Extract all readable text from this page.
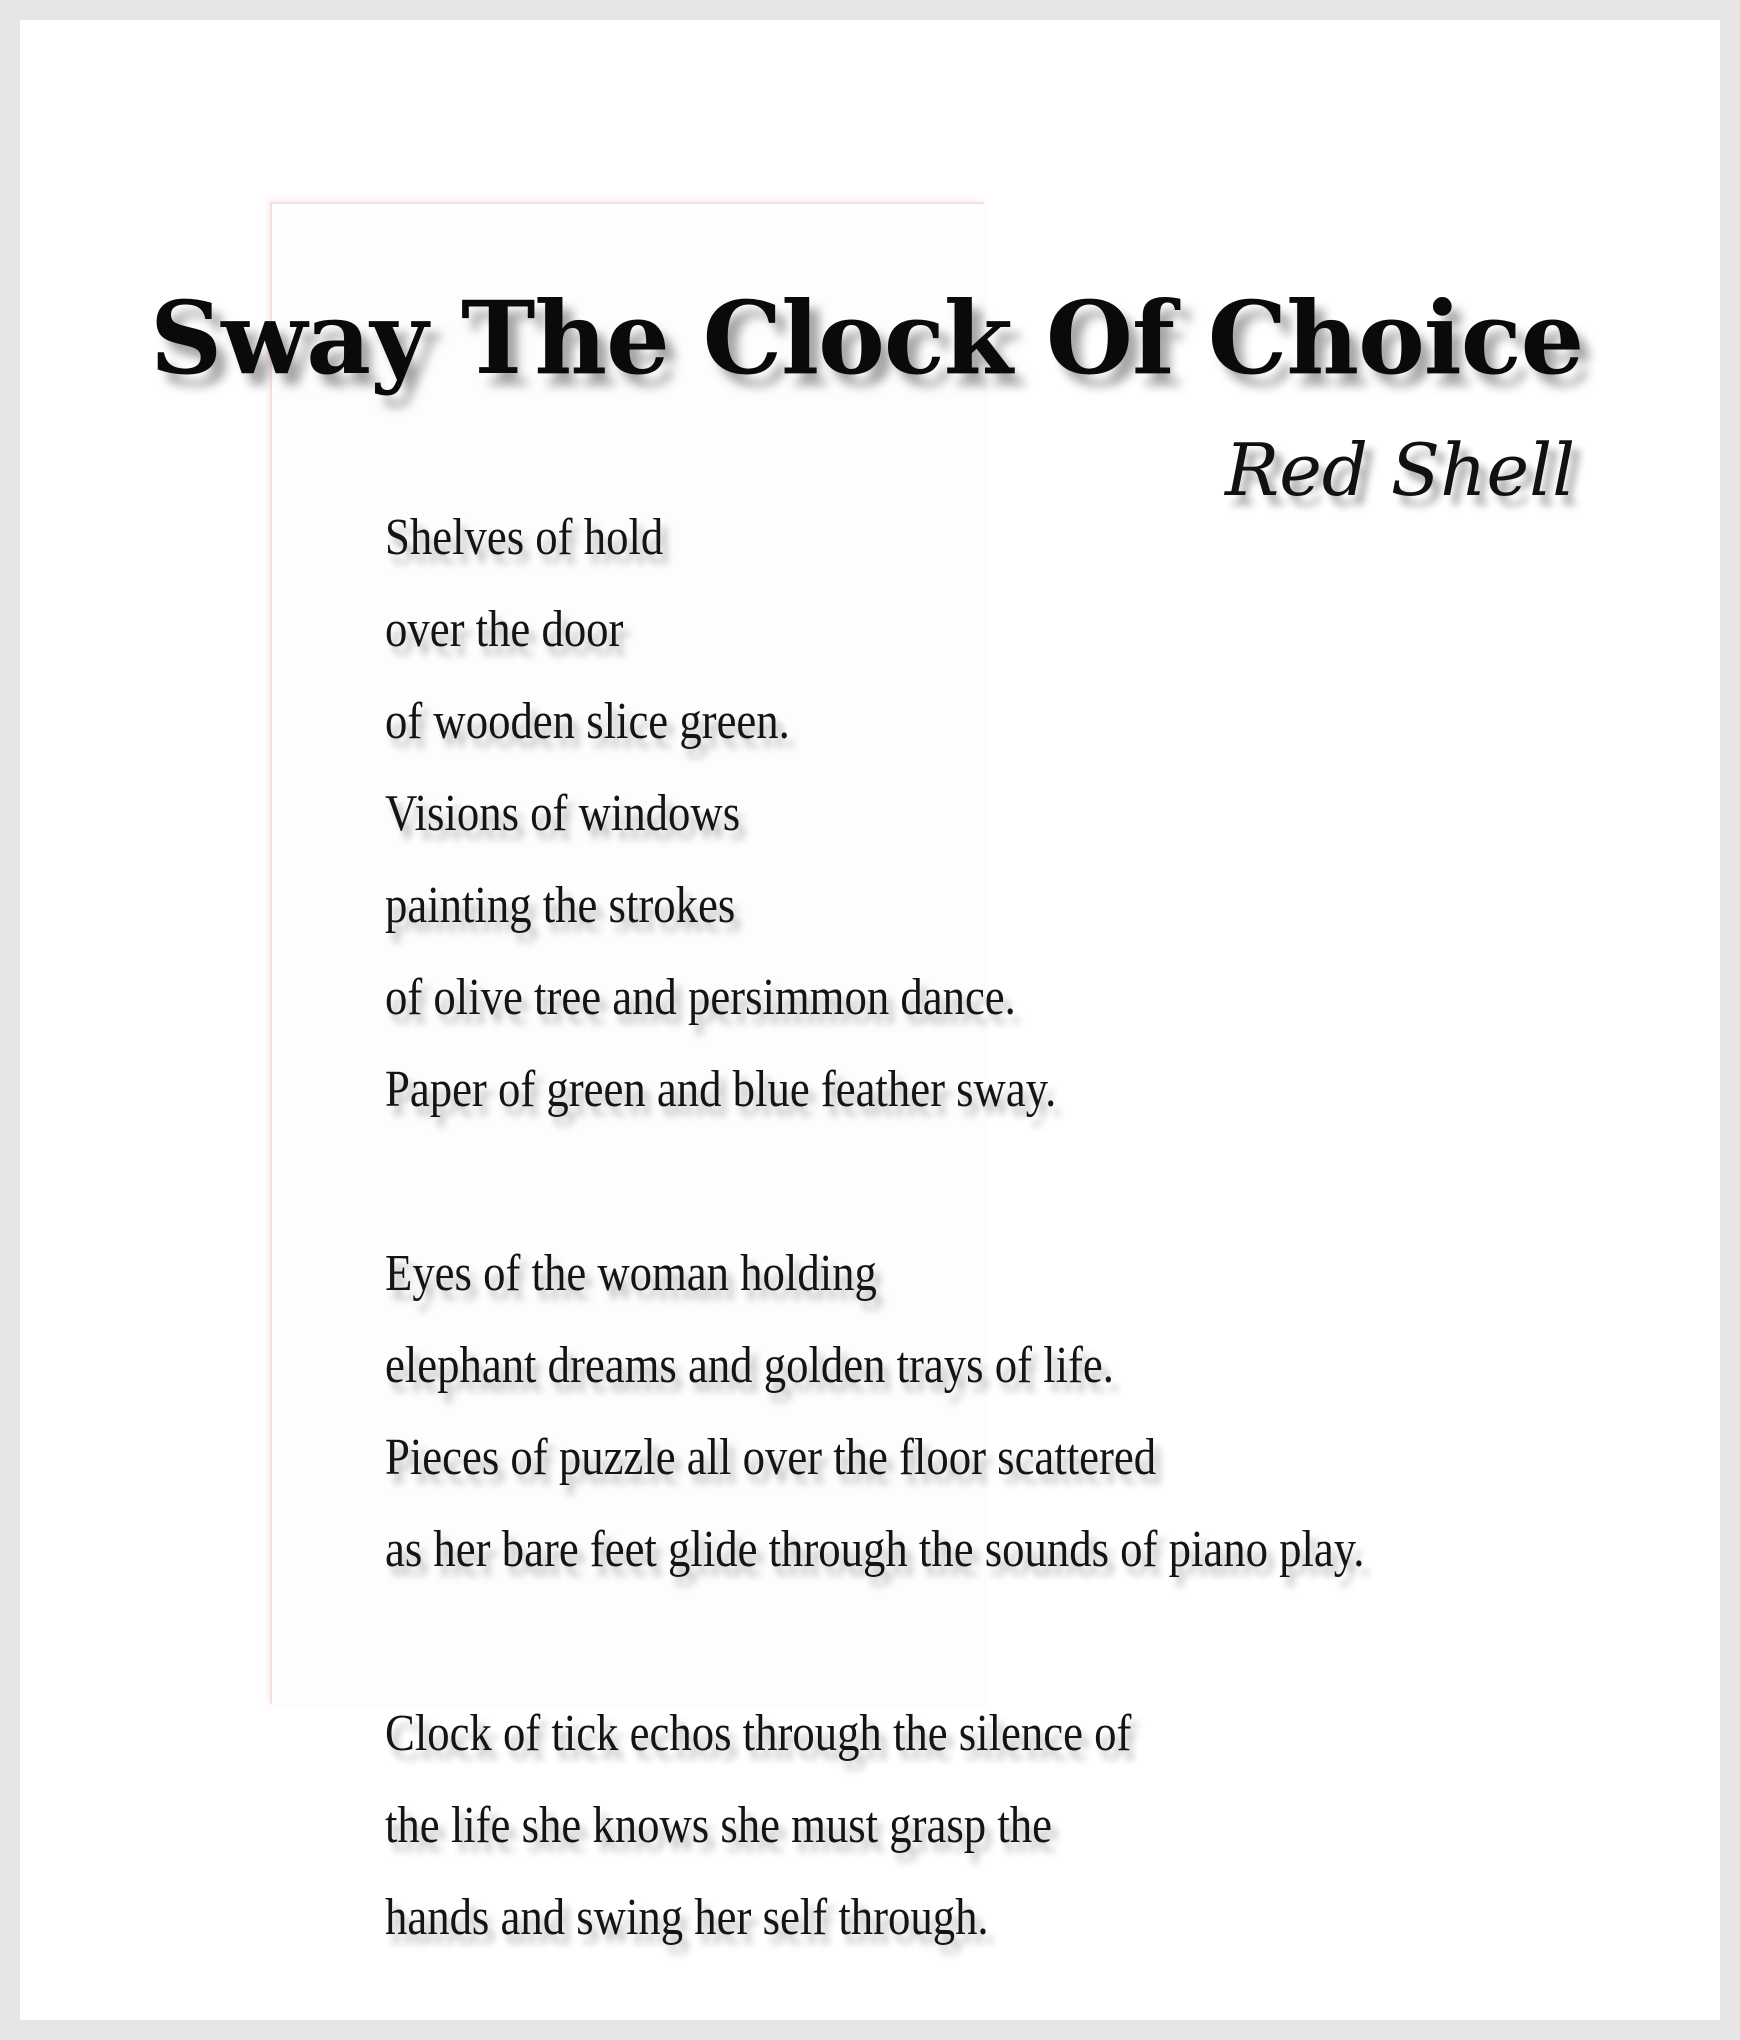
Sway The Clock Of Choice
Red Shell
Shelves of hold
over the door
of wooden slice green.
Visions of windows
painting the strokes
of olive tree and persimmon dance.
Paper of green and blue feather sway.
Eyes of the woman holding
elephant dreams and golden trays of life.
Pieces of puzzle all over the floor scattered
as her bare feet glide through the sounds of piano play.
Clock of tick echos through the silence of
the life she knows she must grasp the
hands and swing her self through.
